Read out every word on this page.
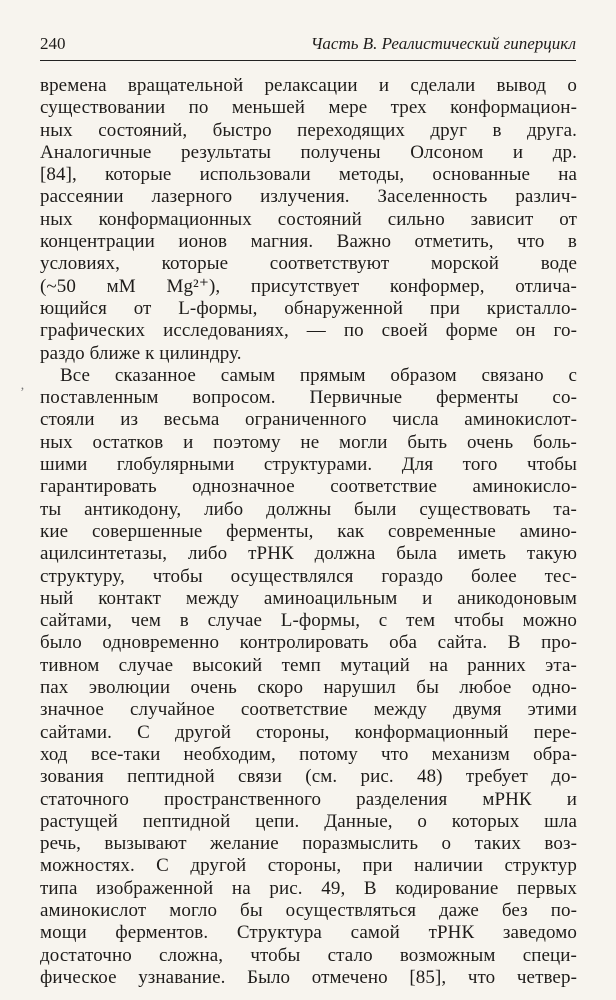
240	Часть В. Реалистический гиперцикл
‚
времена вращательной релаксации и сделали вывод о
существовании по меньшей мере трех конформацион-
ных состояний, быстро переходящих друг в друга.
Аналогичные результаты получены Олсоном и др.
[84], которые использовали методы, основанные на
рассеянии лазерного излучения. Заселенность различ-
ных конформационных состояний сильно зависит от
концентрации ионов магния. Важно отметить, что в
условиях, которые соответствуют морской воде
(~50 мМ Mg²⁺), присутствует конформер, отлича-
ющийся от L-формы, обнаруженной при кристалло-
графических исследованиях, — по своей форме он го-
раздо ближе к цилиндру.
Все сказанное самым прямым образом связано с
поставленным вопросом. Первичные ферменты со-
стояли из весьма ограниченного числа аминокислот-
ных остатков и поэтому не могли быть очень боль-
шими глобулярными структурами. Для того чтобы
гарантировать однозначное соответствие аминокисло-
ты антикодону, либо должны были существовать та-
кие совершенные ферменты, как современные амино-
ацилсинтетазы, либо тРНК должна была иметь такую
структуру, чтобы осуществлялся гораздо более тес-
ный контакт между аминоацильным и аникодоновым
сайтами, чем в случае L-формы, с тем чтобы можно
было одновременно контролировать оба сайта. В про-
тивном случае высокий темп мутаций на ранних эта-
пах эволюции очень скоро нарушил бы любое одно-
значное случайное соответствие между двумя этими
сайтами. С другой стороны, конформационный пере-
ход все-таки необходим, потому что механизм обра-
зования пептидной связи (см. рис. 48) требует до-
статочного пространственного разделения мРНК и
растущей пептидной цепи. Данные, о которых шла
речь, вызывают желание поразмыслить о таких воз-
можностях. С другой стороны, при наличии структур
типа изображенной на рис. 49, В кодирование первых
аминокислот могло бы осуществляться даже без по-
мощи ферментов. Структура самой тРНК заведомо
достаточно сложна, чтобы стало возможным специ-
фическое узнавание. Было отмечено [85], что четвер-
